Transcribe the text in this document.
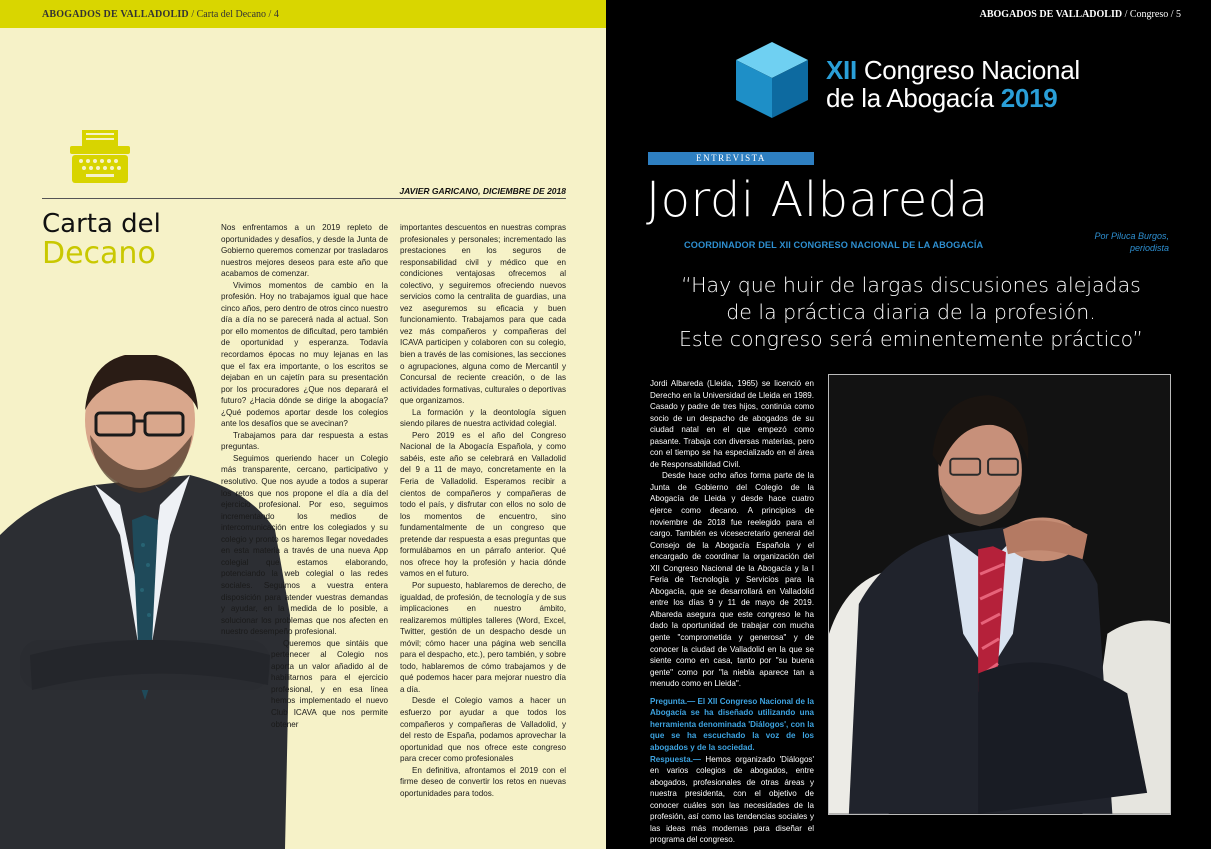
ABOGADOS DE VALLADOLID / Carta del Decano / 4
JAVIER GARICANO, DICIEMBRE DE 2018
Carta del
Decano

Nos enfrentamos a un 2019 repleto de oportunidades y desafíos, y desde la Junta de Gobierno queremos comenzar por trasladaros nuestros mejores deseos para este año que acabamos de comenzar.

Vivimos momentos de cambio en la profesión. Hoy no trabajamos igual que hace cinco años, pero dentro de otros cinco nuestro día a día no se parecerá nada al actual. Son por ello momentos de dificultad, pero también de oportunidad y esperanza. Todavía recordamos épocas no muy lejanas en las que el fax era importante, o los escritos se dejaban en un cajetín para su presentación por los procuradores ¿Que nos deparará el futuro? ¿Hacia dónde se dirige la abogacía? ¿Qué podemos aportar desde los colegios ante los desafíos que se avecinan?

Trabajamos para dar respuesta a estas preguntas.

Seguimos queriendo hacer un Colegio más transparente, cercano, participativo y resolutivo. Que nos ayude a todos a superar los retos que nos propone el día a día del ejercicio profesional. Por eso, seguimos incrementando los medios de intercomunicación entre los colegiados y su colegio y pronto os haremos llegar novedades en esta materia a través de una nueva App colegial que estamos elaborando, potenciando la web colegial o las redes sociales. Seguimos a vuestra entera disposición para atender vuestras demandas y ayudar, en la medida de lo posible, a solucionar los problemas que nos afecten en nuestro desempeño profesional.

Queremos que sintáis que pertenecer al Colegio nos aporta un valor añadido al de habilitarnos para el ejercicio profesional, y en esa línea hemos implementado el nuevo Club ICAVA que nos permite obtener

importantes descuentos en nuestras compras profesionales y personales; incrementado las prestaciones en los seguros de responsabilidad civil y médico que en condiciones ventajosas ofrecemos al colectivo, y seguiremos ofreciendo nuevos servicios como la centralita de guardias, una vez aseguremos su eficacia y buen funcionamiento. Trabajamos para que cada vez más compañeros y compañeras del ICAVA participen y colaboren con su colegio, bien a través de las comisiones, las secciones o agrupaciones, alguna como de Mercantil y Concursal de reciente creación, o de las actividades formativas, culturales o deportivas que organizamos.

La formación y la deontología siguen siendo pilares de nuestra actividad colegial.

Pero 2019 es el año del Congreso Nacional de la Abogacía Española, y como sabéis, este año se celebrará en Valladolid del 9 a 11 de mayo, concretamente en la Feria de Valladolid. Esperamos recibir a cientos de compañeros y compañeras de todo el país, y disfrutar con ellos no solo de los momentos de encuentro, sino fundamentalmente de un congreso que pretende dar respuesta a esas preguntas que formulábamos en un párrafo anterior. Qué nos ofrece hoy la profesión y hacia dónde vamos en el futuro.

Por supuesto, hablaremos de derecho, de igualdad, de profesión, de tecnología y de sus implicaciones en nuestro ámbito, realizaremos múltiples talleres (Word, Excel, Twitter, gestión de un despacho desde un móvil; cómo hacer una página web sencilla para el despacho, etc.), pero también, y sobre todo, hablaremos de cómo trabajamos y de qué podemos hacer para mejorar nuestro día a día.

Desde el Colegio vamos a hacer un esfuerzo por ayudar a que todos los compañeros y compañeras de Valladolid, y del resto de España, podamos aprovechar la oportunidad que nos ofrece este congreso para crecer como profesionales

En definitiva, afrontamos el 2019 con el firme deseo de convertir los retos en nuevas oportunidades para todos.

ABOGADOS DE VALLADOLID / Congreso / 5
XII Congreso Nacional
de la Abogacía 2019
ENTREVISTA
Jordi Albareda
COORDINADOR DEL XII CONGRESO NACIONAL DE LA ABOGACÍA
Por Piluca Burgos,
periodista
“Hay que huir de largas discusiones alejadas
de la práctica diaria de la profesión.
Este congreso será eminentemente práctico”

Jordi Albareda (Lleida, 1965) se licenció en Derecho en la Universidad de Lleida en 1989. Casado y padre de tres hijos, continúa como socio de un despacho de abogados de su ciudad natal en el que empezó como pasante. Trabaja con diversas materias, pero con el tiempo se ha especializado en el área de Responsabilidad Civil.

Desde hace ocho años forma parte de la Junta de Gobierno del Colegio de la Abogacía de Lleida y desde hace cuatro ejerce como decano. A principios de noviembre de 2018 fue reelegido para el cargo. También es vicesecretario general del Consejo de la Abogacía Española y el encargado de coordinar la organización del XII Congreso Nacional de la Abogacía y la I Feria de Tecnología y Servicios para la Abogacía, que se desarrollará en Valladolid entre los días 9 y 11 de mayo de 2019. Albareda asegura que este congreso le ha dado la oportunidad de trabajar con mucha gente "comprometida y generosa" y de conocer la ciudad de Valladolid en la que se siente como en casa, tanto por "su buena gente" como por "la niebla aparece tan a menudo como en Lleida".

Pregunta.— El XII Congreso Nacional de la Abogacía se ha diseñado utilizando una herramienta denominada 'Diálogos', con la que se ha escuchado la voz de los abogados y de la sociedad.

Respuesta.— Hemos organizado 'Diálogos' en varios colegios de abogados, entre abogados, profesionales de otras áreas y nuestra presidenta, con el objetivo de conocer cuáles son las necesidades de la profesión, así como las tendencias sociales y las ideas más modernas para diseñar el programa del congreso.
